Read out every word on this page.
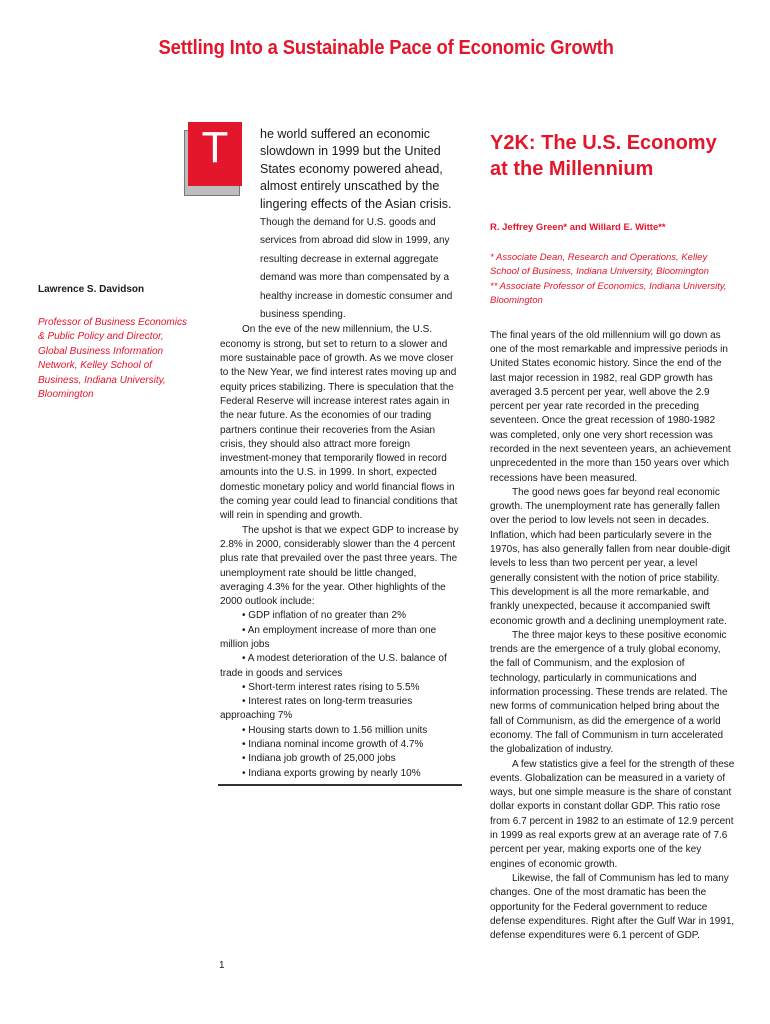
Settling Into a Sustainable Pace of Economic Growth

Lawrence S. Davidson

Professor of Business Economics & Public Policy and Director, Global Business Information Network, Kelley School of Business, Indiana University, Bloomington

T	he world suffered an economic slowdown in 1999 but the United States economy powered ahead, almost entirely unscathed by the lingering effects of the Asian crisis. Though the demand for U.S. goods and services from abroad did slow in 1999, any resulting decrease in external aggregate demand was more than compensated by a healthy increase in domestic consumer and business spending.

On the eve of the new millennium, the U.S. economy is strong, but set to return to a slower and more sustainable pace of growth. As we move closer to the New Year, we find interest rates moving up and equity prices stabilizing. There is speculation that the Federal Reserve will increase interest rates again in the near future. As the economies of our trading partners continue their recoveries from the Asian crisis, they should also attract more foreign investment-money that temporarily flowed in record amounts into the U.S. in 1999. In short, expected domestic monetary policy and world financial flows in the coming year could lead to financial conditions that will rein in spending and growth.

The upshot is that we expect GDP to increase by 2.8% in 2000, considerably slower than the 4 percent plus rate that prevailed over the past three years. The unemployment rate should be little changed, averaging 4.3% for the year. Other highlights of the 2000 outlook include:

• GDP inflation of no greater than 2%

• An employment increase of more than one million jobs

• A modest deterioration of the U.S. balance of trade in goods and services

• Short-term interest rates rising to 5.5%

• Interest rates on long-term treasuries approaching 7%

• Housing starts down to 1.56 million units

• Indiana nominal income growth of 4.7%

• Indiana job growth of 25,000 jobs

• Indiana exports growing by nearly 10%

1
Y2K: The U.S. Economy at the Millennium

R. Jeffrey Green* and Willard E. Witte**

* Associate Dean, Research and Operations, Kelley School of Business, Indiana University, Bloomington
** Associate Professor of Economics, Indiana University, Bloomington

The final years of the old millennium will go down as one of the most remarkable and impressive periods in United States economic history. Since the end of the last major recession in 1982, real GDP growth has averaged 3.5 percent per year, well above the 2.9 percent per year rate recorded in the preceding seventeen. Once the great recession of 1980-1982 was completed, only one very short recession was recorded in the next seventeen years, an achievement unprecedented in the more than 150 years over which recessions have been measured.

The good news goes far beyond real economic growth. The unemployment rate has generally fallen over the period to low levels not seen in decades. Inflation, which had been particularly severe in the 1970s, has also generally fallen from near double-digit levels to less than two percent per year, a level generally consistent with the notion of price stability. This development is all the more remarkable, and frankly unexpected, because it accompanied swift economic growth and a declining unemployment rate.

The three major keys to these positive economic trends are the emergence of a truly global economy, the fall of Communism, and the explosion of technology, particularly in communications and information processing. These trends are related. The new forms of communication helped bring about the fall of Communism, as did the emergence of a world economy. The fall of Communism in turn accelerated the globalization of industry.

A few statistics give a feel for the strength of these events. Globalization can be measured in a variety of ways, but one simple measure is the share of constant dollar exports in constant dollar GDP. This ratio rose from 6.7 percent in 1982 to an estimate of 12.9 percent in 1999 as real exports grew at an average rate of 7.6 percent per year, making exports one of the key engines of economic growth.

Likewise, the fall of Communism has led to many changes. One of the most dramatic has been the opportunity for the Federal government to reduce defense expenditures. Right after the Gulf War in 1991, defense expenditures were 6.1 percent of GDP.
